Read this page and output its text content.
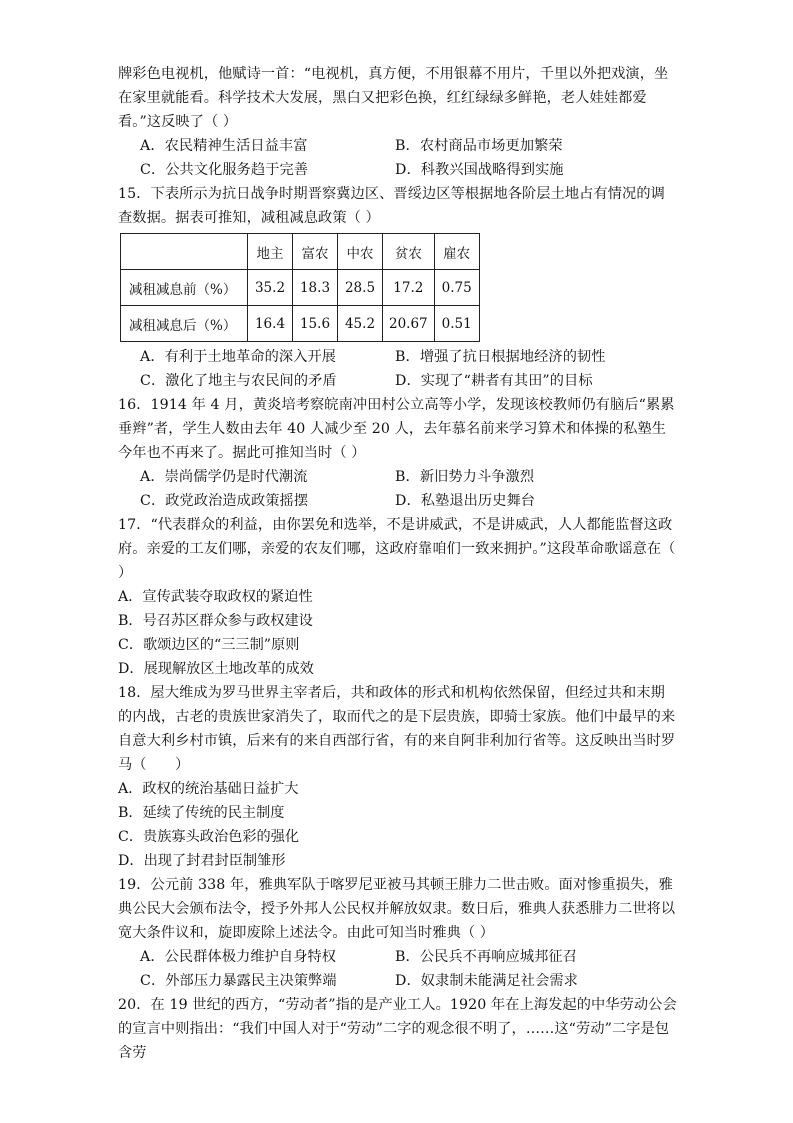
牌彩色电视机，他赋诗一首：“电视机，真方便，不用银幕不用片，千里以外把戏演，坐在家里就能看。科学技术大发展，黑白又把彩色换，红红绿绿多鲜艳，老人娃娃都爱看。”这反映了（ ）

A．农民精神生活日益丰富	B．农村商品市场更加繁荣
C．公共文化服务趋于完善	D．科教兴国战略得到实施

15．下表所示为抗日战争时期晋察冀边区、晋绥边区等根据地各阶层土地占有情况的调查数据。据表可推知，减租减息政策（ ）

	地主	富农	中农	贫农	雇农
减租减息前（%）	35.2	18.3	28.5	17.2	0.75
减租减息后（%）	16.4	15.6	45.2	20.67	0.51
A．有利于土地革命的深入开展	B．增强了抗日根据地经济的韧性
C．激化了地主与农民间的矛盾	D．实现了“耕者有其田”的目标

16．1914 年 4 月，黄炎培考察皖南冲田村公立高等小学，发现该校教师仍有脑后“累累垂辫”者，学生人数由去年 40 人减少至 20 人，去年慕名前来学习算术和体操的私塾生今年也不再来了。据此可推知当时（ ）

A．崇尚儒学仍是时代潮流	B．新旧势力斗争激烈
C．政党政治造成政策摇摆	D．私塾退出历史舞台

17．“代表群众的利益，由你罢免和选举，不是讲威武，不是讲威武，人人都能监督这政府。亲爱的工友们哪，亲爱的农友们哪，这政府靠咱们一致来拥护。”这段革命歌谣意在（ ）

A．宣传武装夺取政权的紧迫性

B．号召苏区群众参与政权建设

C．歌颂边区的“三三制”原则

D．展现解放区土地改革的成效

18．屋大维成为罗马世界主宰者后，共和政体的形式和机构依然保留，但经过共和末期的内战，古老的贵族世家消失了，取而代之的是下层贵族，即骑士家族。他们中最早的来自意大利乡村市镇，后来有的来自西部行省，有的来自阿非利加行省等。这反映出当时罗马（　　）

A．政权的统治基础日益扩大

B．延续了传统的民主制度

C．贵族寡头政治色彩的强化

D．出现了封君封臣制雏形

19．公元前 338 年，雅典军队于喀罗尼亚被马其顿王腓力二世击败。面对惨重损失，雅典公民大会颁布法令，授予外邦人公民权并解放奴隶。数日后，雅典人获悉腓力二世将以宽大条件议和，旋即废除上述法令。由此可知当时雅典（ ）

A．公民群体极力维护自身特权	B．公民兵不再响应城邦征召
C．外部压力暴露民主决策弊端	D．奴隶制未能满足社会需求

20．在 19 世纪的西方，“劳动者”指的是产业工人。1920 年在上海发起的中华劳动公会的宣言中则指出：“我们中国人对于“劳动”二字的观念很不明了，……这“劳动”二字是包含劳
